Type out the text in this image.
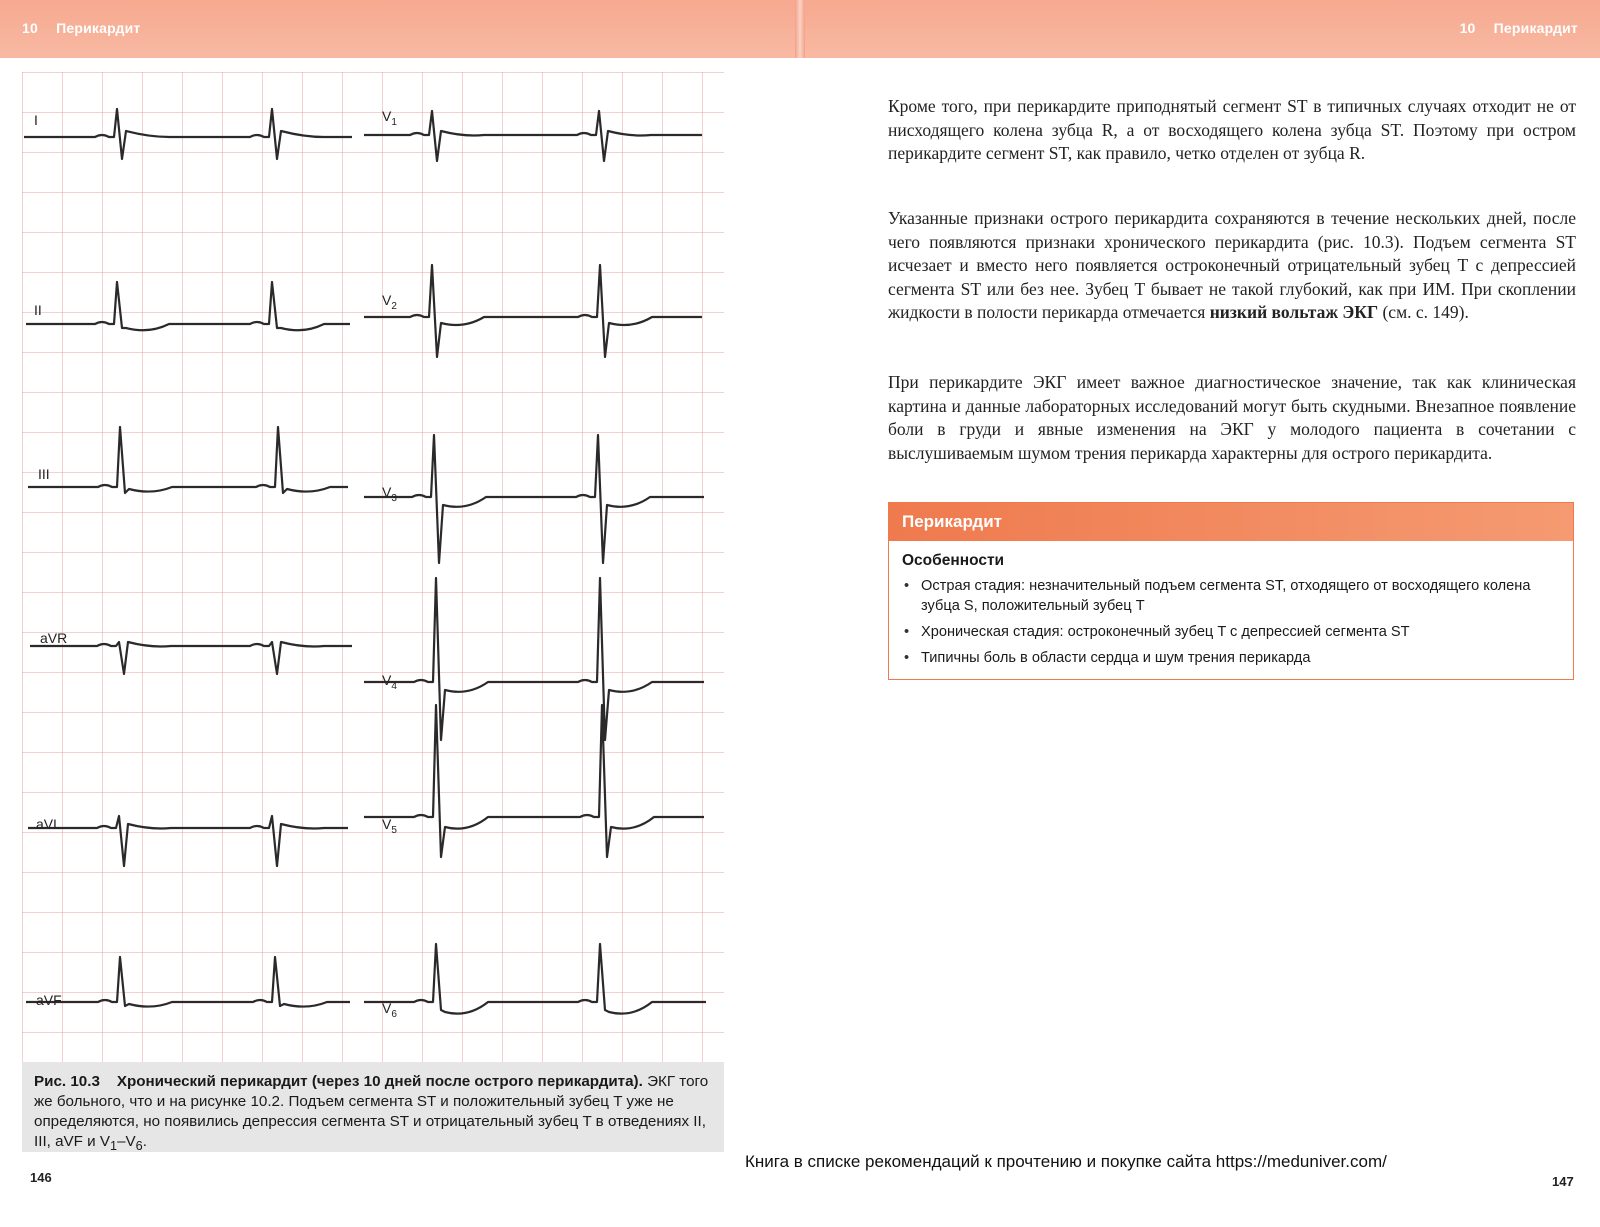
10 Перикардит	10 Перикардит
I
II
III
aVR
aVL
aVF
$V_1$
$V_2$
$V_3$
$V_4$
$V_5$
$V_6$
Рис. 10.3 Хронический перикардит (через 10 дней после острого перикардита). ЭКГ того же больного, что и на рисунке 10.2. Подъем сегмента ST и положительный зубец T уже не определяются, но появились депрессия сегмента ST и отрицательный зубец T в отведениях II, III, aVF и $V_1-V_6$.
146	147
Книга в списке рекомендаций к прочтению и покупке сайта https://meduniver.com/

Кроме того, при перикардите приподнятый сегмент ST в типичных случаях отходит не от нисходящего колена зубца R, а от восходящего колена зубца ST. Поэтому при остром перикардите сегмент ST, как правило, четко отделен от зубца R.

Указанные признаки острого перикардита сохраняются в течение нескольких дней, после чего появляются признаки хронического перикардита (рис. 10.3). Подъем сегмента ST исчезает и вместо него появляется остроконечный отрицательный зубец T с депрессией сегмента ST или без нее. Зубец T бывает не такой глубокий, как при ИМ. При скоплении жидкости в полости перикарда отмечается низкий вольтаж ЭКГ (см. с. 149).

При перикардите ЭКГ имеет важное диагностическое значение, так как клиническая картина и данные лабораторных исследований могут быть скудными. Внезапное появление боли в груди и явные изменения на ЭКГ у молодого пациента в сочетании с выслушиваемым шумом трения перикарда характерны для острого перикардита.

Перикардит
Особенности
• Острая стадия: незначительный подъем сегмента ST, отходящего от восходящего колена зубца S, положительный зубец T
• Хроническая стадия: остроконечный зубец T с депрессией сегмента ST
• Типичны боль в области сердца и шум трения перикарда
